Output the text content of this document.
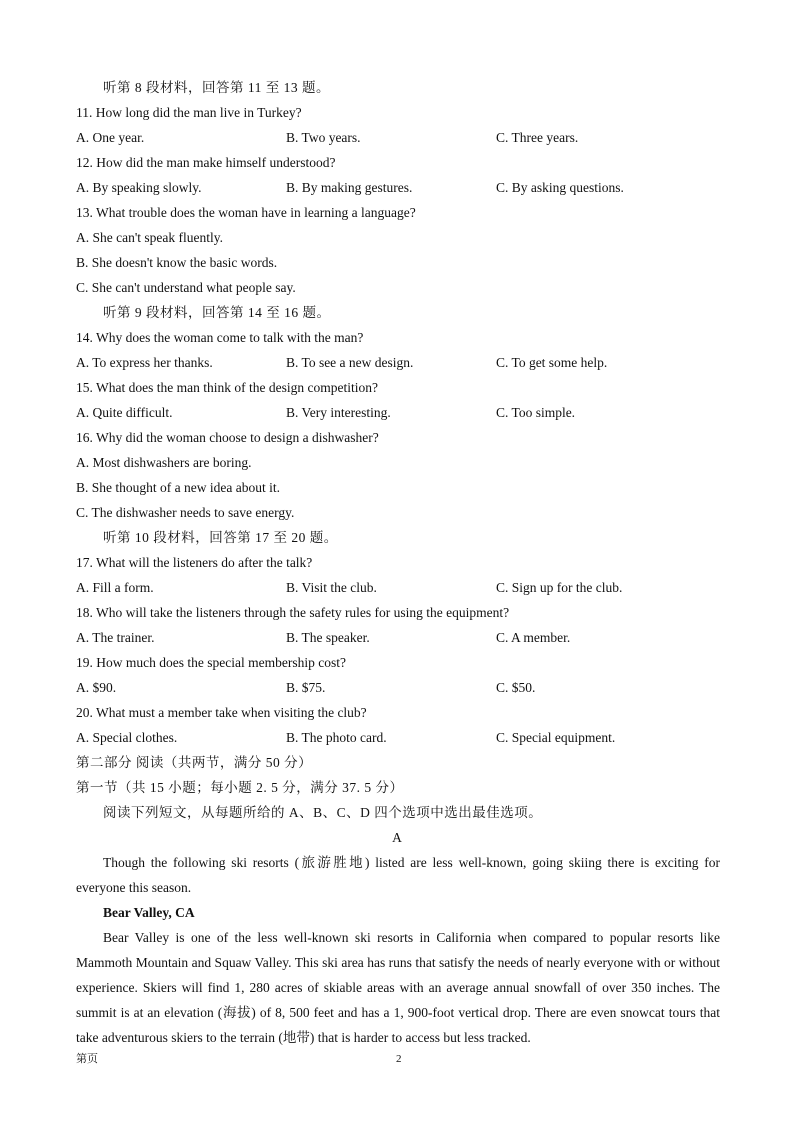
听第 8 段材料，回答第 11 至 13 题。
11. How long did the man live in Turkey?
A. One year.	B. Two years.	C. Three years.
12. How did the man make himself understood?
A. By speaking slowly.	B. By making gestures.	C. By asking questions.
13. What trouble does the woman have in learning a language?
A. She can't speak fluently.
B. She doesn't know the basic words.
C. She can't understand what people say.
听第 9 段材料，回答第 14 至 16 题。
14. Why does the woman come to talk with the man?
A. To express her thanks.	B. To see a new design.	C. To get some help.
15. What does the man think of the design competition?
A. Quite difficult.	B. Very interesting.	C. Too simple.
16. Why did the woman choose to design a dishwasher?
A. Most dishwashers are boring.
B. She thought of a new idea about it.
C. The dishwasher needs to save energy.
听第 10 段材料，回答第 17 至 20 题。
17. What will the listeners do after the talk?
A. Fill a form.	B. Visit the club.	C. Sign up for the club.
18. Who will take the listeners through the safety rules for using the equipment?
A. The trainer.	B. The speaker.	C. A member.
19. How much does the special membership cost?
A. $90.	B. $75.	C. $50.
20. What must a member take when visiting the club?
A. Special clothes.	B. The photo card.	C. Special equipment.
第二部分 阅读（共两节，满分 50 分）
第一节（共 15 小题；每小题 2. 5 分，满分 37. 5 分）
阅读下列短文，从每题所给的 A、B、C、D 四个选项中选出最佳选项。
A
Though the following ski resorts (旅游胜地) listed are less well-known, going skiing there is exciting for everyone this season.
Bear Valley, CA
Bear Valley is one of the less well-known ski resorts in California when compared to popular resorts like Mammoth Mountain and Squaw Valley. This ski area has runs that satisfy the needs of nearly everyone with or without experience. Skiers will find 1, 280 acres of skiable areas with an average annual snowfall of over 350 inches. The summit is at an elevation (海拔) of 8, 500 feet and has a 1, 900-foot vertical drop. There are even snowcat tours that take adventurous skiers to the terrain (地带) that is harder to access but less tracked.
第页	2
